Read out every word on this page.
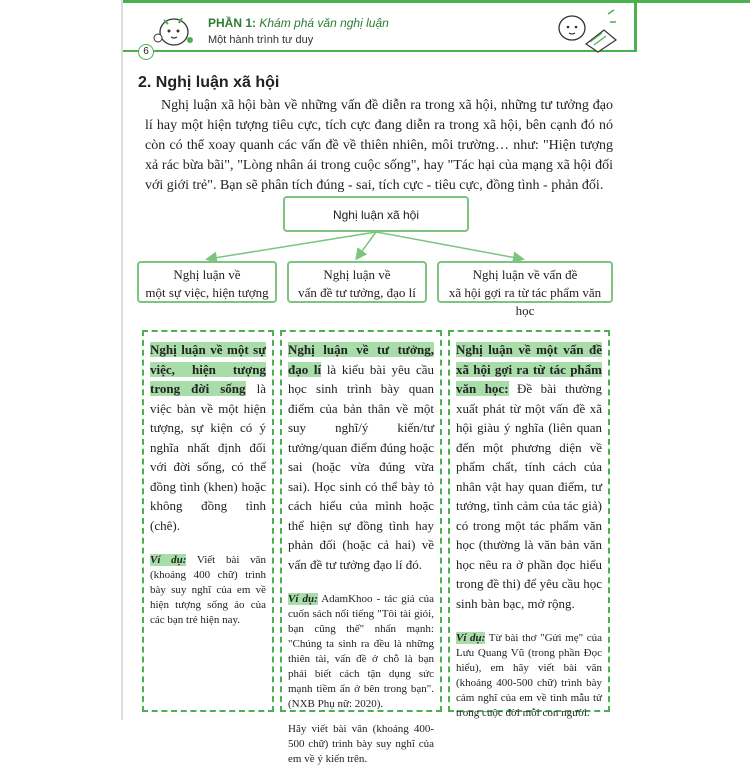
6
PHẦN 1: Khám phá văn nghị luận
Một hành trình tư duy
2. Nghị luận xã hội

Nghị luận xã hội bàn về những vấn đề diễn ra trong xã hội, những tư tưởng đạo lí hay một hiện tượng tiêu cực, tích cực đang diễn ra trong xã hội, bên cạnh đó nó còn có thể xoay quanh các vấn đề về thiên nhiên, môi trường… như: "Hiện tượng xả rác bừa bãi", "Lòng nhân ái trong cuộc sống", hay "Tác hại của mạng xã hội đối với giới trẻ". Bạn sẽ phân tích đúng - sai, tích cực - tiêu cực, đồng tình - phản đối.

Nghị luận xã hội
Nghị luận về
một sự việc, hiện tượng
Nghị luận về
vấn đề tư tưởng, đạo lí
Nghị luận về vấn đề
xã hội gợi ra từ tác phẩm văn học
Nghị luận về một sự việc, hiện tượng trong đời sống là việc bàn về một hiện tượng, sự kiện có ý nghĩa nhất định đối với đời sống, có thể đồng tình (khen) hoặc không đồng tình (chê).
Ví dụ: Viết bài văn (khoảng 400 chữ) trình bày suy nghĩ của em về hiện tượng sống ảo của các bạn trẻ hiện nay.
Nghị luận về tư tưởng, đạo lí là kiểu bài yêu cầu học sinh trình bày quan điểm của bản thân về một suy nghĩ/ý kiến/tư tưởng/quan điểm đúng hoặc sai (hoặc vừa đúng vừa sai). Học sinh có thể bày tỏ cách hiểu của mình hoặc thể hiện sự đồng tình hay phản đối (hoặc cả hai) về vấn đề tư tưởng đạo lí đó.
Ví dụ: AdamKhoo - tác giả của cuốn sách nổi tiếng "Tôi tài giỏi, bạn cũng thế" nhấn mạnh: "Chúng ta sinh ra đều là những thiên tài, vấn đề ở chỗ là bạn phải biết cách tận dụng sức mạnh tiềm ẩn ở bên trong bạn". (NXB Phụ nữ: 2020).
Hãy viết bài văn (khoảng 400-500 chữ) trình bày suy nghĩ của em về ý kiến trên.
Nghị luận về một vấn đề xã hội gợi ra từ tác phẩm văn học: Đề bài thường xuất phát từ một vấn đề xã hội giàu ý nghĩa (liên quan đến một phương diện về phẩm chất, tính cách của nhân vật hay quan điểm, tư tưởng, tình cảm của tác giả) có trong một tác phẩm văn học (thường là văn bản văn học nêu ra ở phần đọc hiểu trong đề thi) để yêu cầu học sinh bàn bạc, mở rộng.
Ví dụ: Từ bài thơ "Gửi mẹ" của Lưu Quang Vũ (trong phần Đọc hiểu), em hãy viết bài văn (khoảng 400-500 chữ) trình bày cảm nghĩ của em về tình mẫu tử trong cuộc đời mỗi con người.
